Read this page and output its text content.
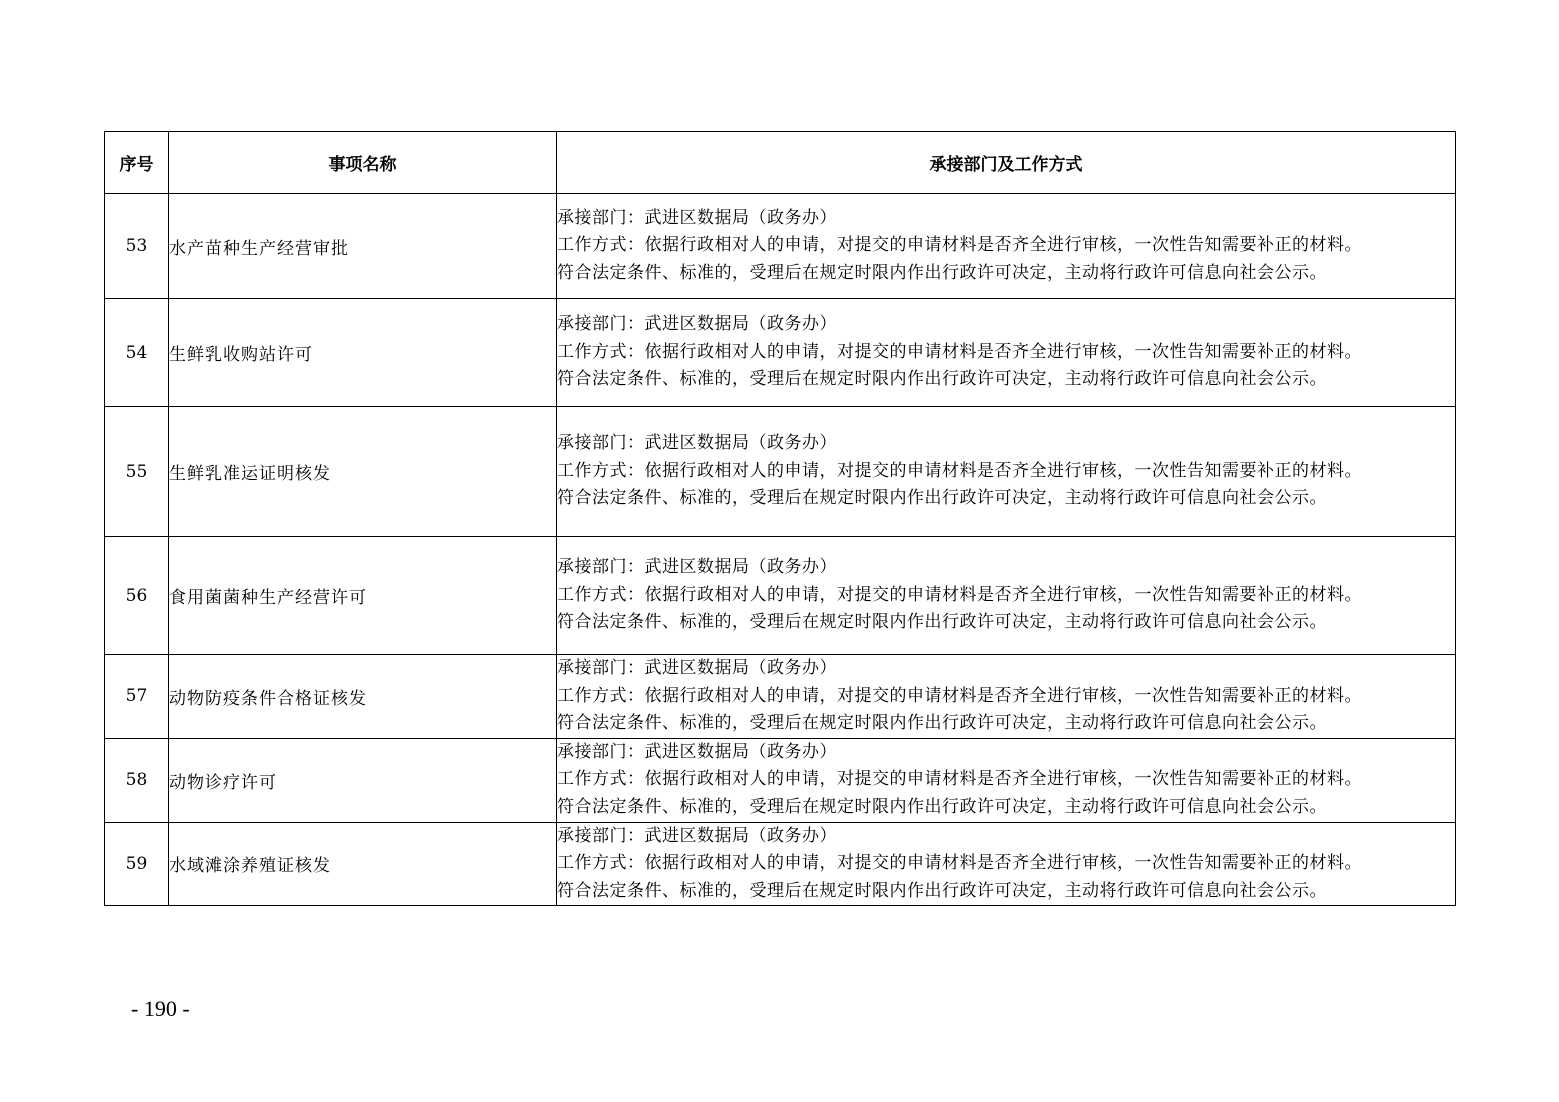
序号	事项名称	承接部门及工作方式
53	水产苗种生产经营审批	承接部门：武进区数据局（政务办）
工作方式：依据行政相对人的申请，对提交的申请材料是否齐全进行审核，一次性告知需要补正的材料。
符合法定条件、标准的，受理后在规定时限内作出行政许可决定，主动将行政许可信息向社会公示。

54	生鲜乳收购站许可	承接部门：武进区数据局（政务办）
工作方式：依据行政相对人的申请，对提交的申请材料是否齐全进行审核，一次性告知需要补正的材料。
符合法定条件、标准的，受理后在规定时限内作出行政许可决定，主动将行政许可信息向社会公示。

55	生鲜乳准运证明核发	承接部门：武进区数据局（政务办）
工作方式：依据行政相对人的申请，对提交的申请材料是否齐全进行审核，一次性告知需要补正的材料。
符合法定条件、标准的，受理后在规定时限内作出行政许可决定，主动将行政许可信息向社会公示。

56	食用菌菌种生产经营许可	承接部门：武进区数据局（政务办）
工作方式：依据行政相对人的申请，对提交的申请材料是否齐全进行审核，一次性告知需要补正的材料。
符合法定条件、标准的，受理后在规定时限内作出行政许可决定，主动将行政许可信息向社会公示。

57	动物防疫条件合格证核发	承接部门：武进区数据局（政务办）
工作方式：依据行政相对人的申请，对提交的申请材料是否齐全进行审核，一次性告知需要补正的材料。
符合法定条件、标准的，受理后在规定时限内作出行政许可决定，主动将行政许可信息向社会公示。

58	动物诊疗许可	承接部门：武进区数据局（政务办）
工作方式：依据行政相对人的申请，对提交的申请材料是否齐全进行审核，一次性告知需要补正的材料。
符合法定条件、标准的，受理后在规定时限内作出行政许可决定，主动将行政许可信息向社会公示。

59	水域滩涂养殖证核发	承接部门：武进区数据局（政务办）
工作方式：依据行政相对人的申请，对提交的申请材料是否齐全进行审核，一次性告知需要补正的材料。
符合法定条件、标准的，受理后在规定时限内作出行政许可决定，主动将行政许可信息向社会公示。
- 190 -
